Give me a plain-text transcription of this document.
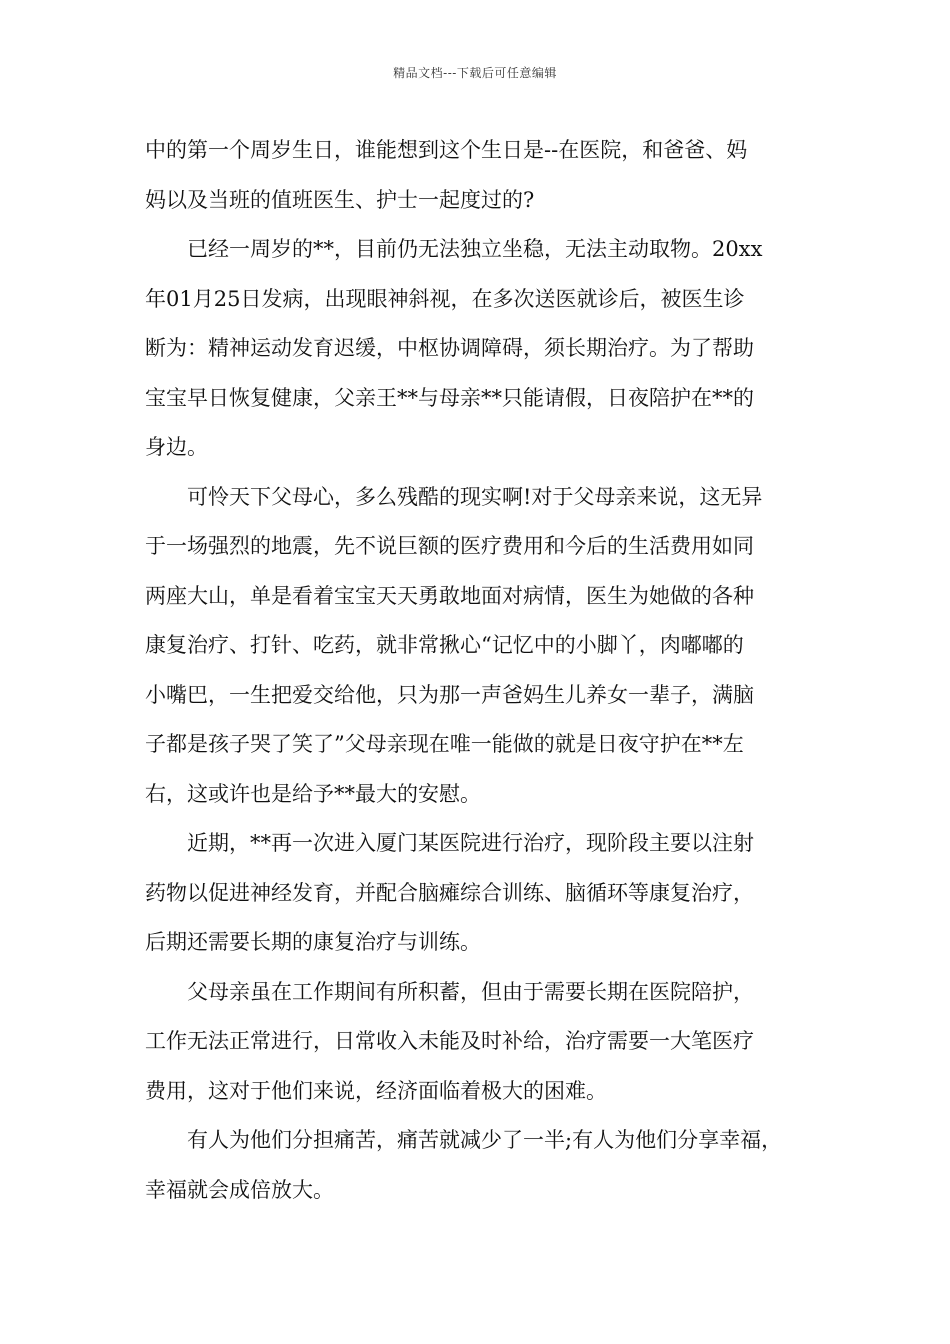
精品文档---下载后可任意编辑
中的第一个周岁生日，谁能想到这个生日是--在医院，和爸爸、妈
妈以及当班的值班医生、护士一起度过的?
　　已经一周岁的**，目前仍无法独立坐稳，无法主动取物。20xx
年01月25日发病，出现眼神斜视，在多次送医就诊后，被医生诊
断为：精神运动发育迟缓，中枢协调障碍，须长期治疗。为了帮助
宝宝早日恢复健康，父亲王**与母亲**只能请假，日夜陪护在**的
身边。
　　可怜天下父母心，多么残酷的现实啊!对于父母亲来说，这无异
于一场强烈的地震，先不说巨额的医疗费用和今后的生活费用如同
两座大山，单是看着宝宝天天勇敢地面对病情，医生为她做的各种
康复治疗、打针、吃药，就非常揪心“记忆中的小脚丫，肉嘟嘟的
小嘴巴，一生把爱交给他，只为那一声爸妈生儿养女一辈子，满脑
子都是孩子哭了笑了”父母亲现在唯一能做的就是日夜守护在**左
右，这或许也是给予**最大的安慰。
　　近期，**再一次进入厦门某医院进行治疗，现阶段主要以注射
药物以促进神经发育，并配合脑瘫综合训练、脑循环等康复治疗，
后期还需要长期的康复治疗与训练。
　　父母亲虽在工作期间有所积蓄，但由于需要长期在医院陪护，
工作无法正常进行，日常收入未能及时补给，治疗需要一大笔医疗
费用，这对于他们来说，经济面临着极大的困难。
　　有人为他们分担痛苦，痛苦就减少了一半;有人为他们分享幸福，
幸福就会成倍放大。
